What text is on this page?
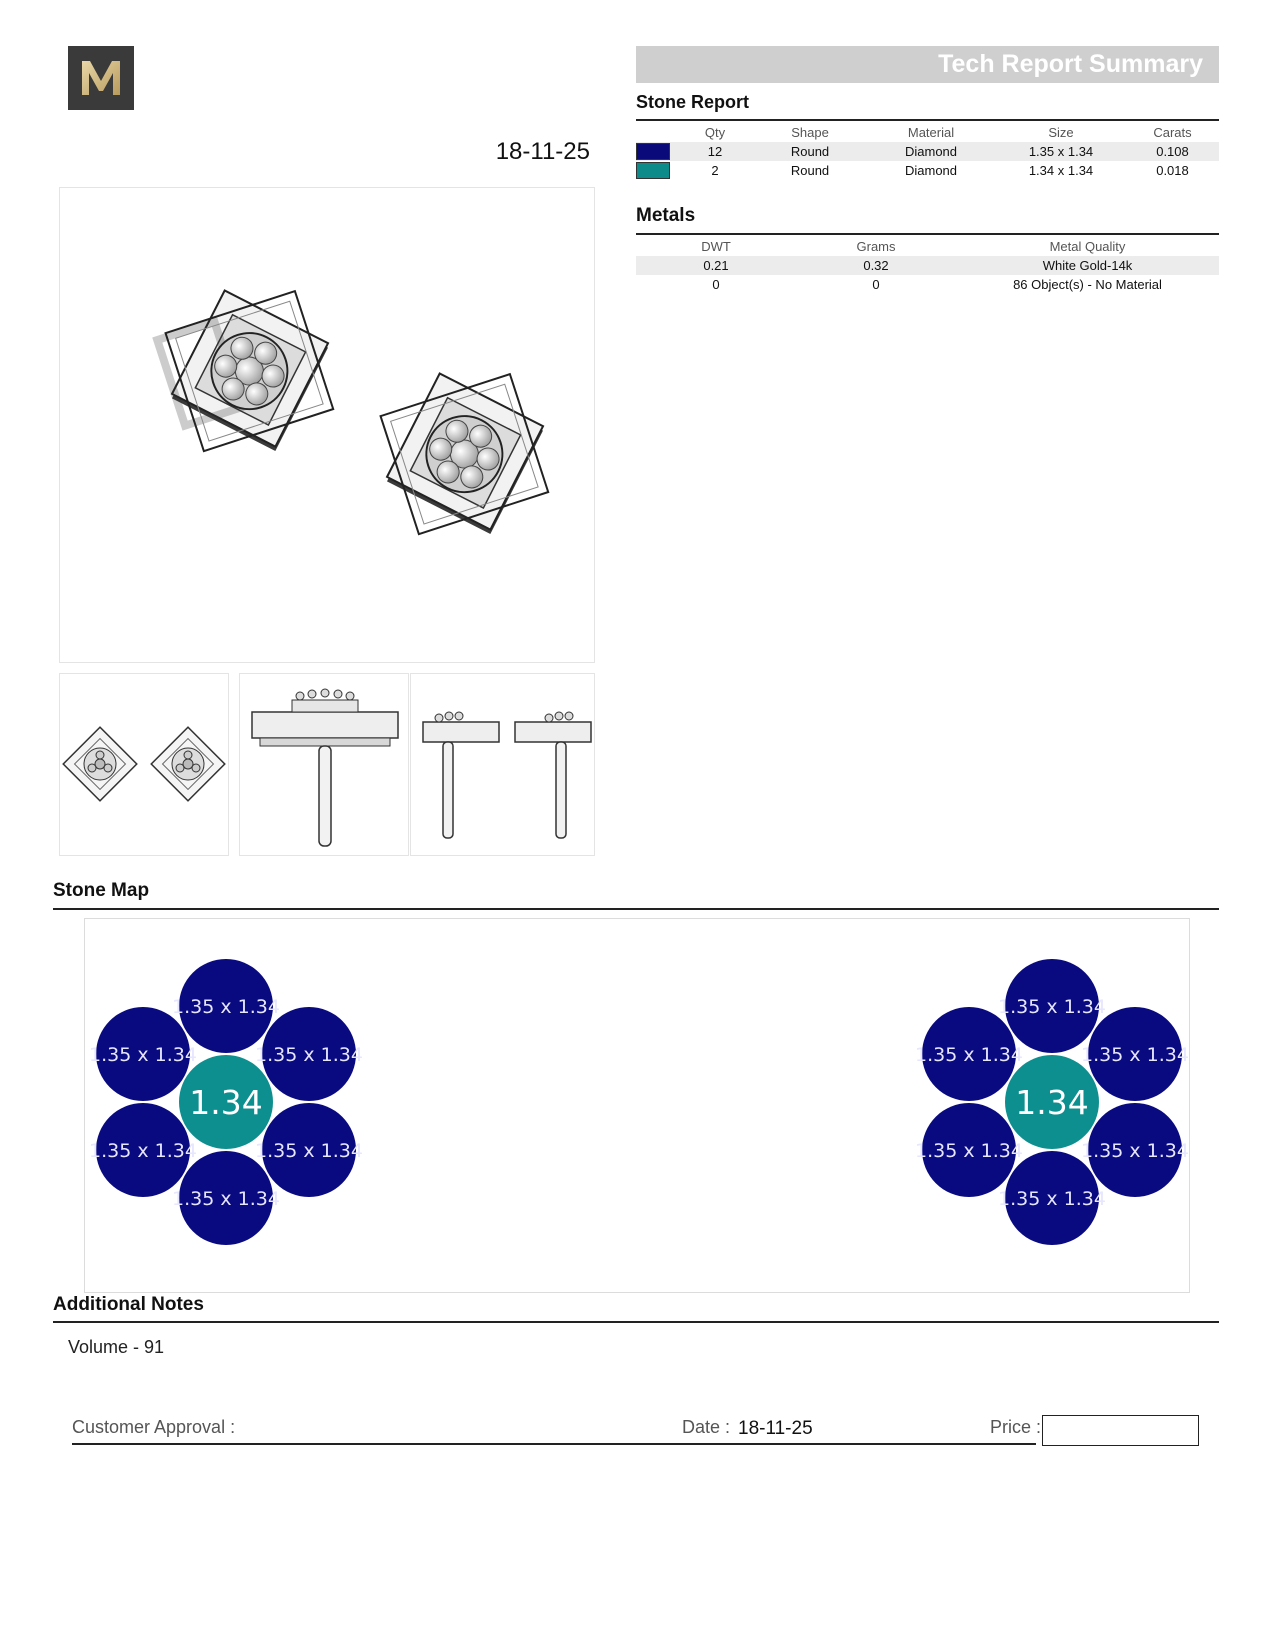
18-11-25
Tech Report Summary
Stone Report
	Qty	Shape	Material	Size	Carats
	12	Round	Diamond	1.35 x 1.34	0.108
	2	Round	Diamond	1.34 x 1.34	0.018
Metals
DWT	Grams	Metal Quality
0.21	0.32	White Gold-14k
0	0	86 Object(s) - No Material
Stone Map
1.35 x 1.34
1.35 x 1.34
1.35 x 1.34
1.35 x 1.34
1.35 x 1.34
1.35 x 1.34
1.34
1.35 x 1.34
1.35 x 1.34
1.35 x 1.34
1.35 x 1.34
1.35 x 1.34
1.35 x 1.34
1.34
Additional Notes
Volume - 91
Customer Approval :	Date : 18-11-25	Price :
